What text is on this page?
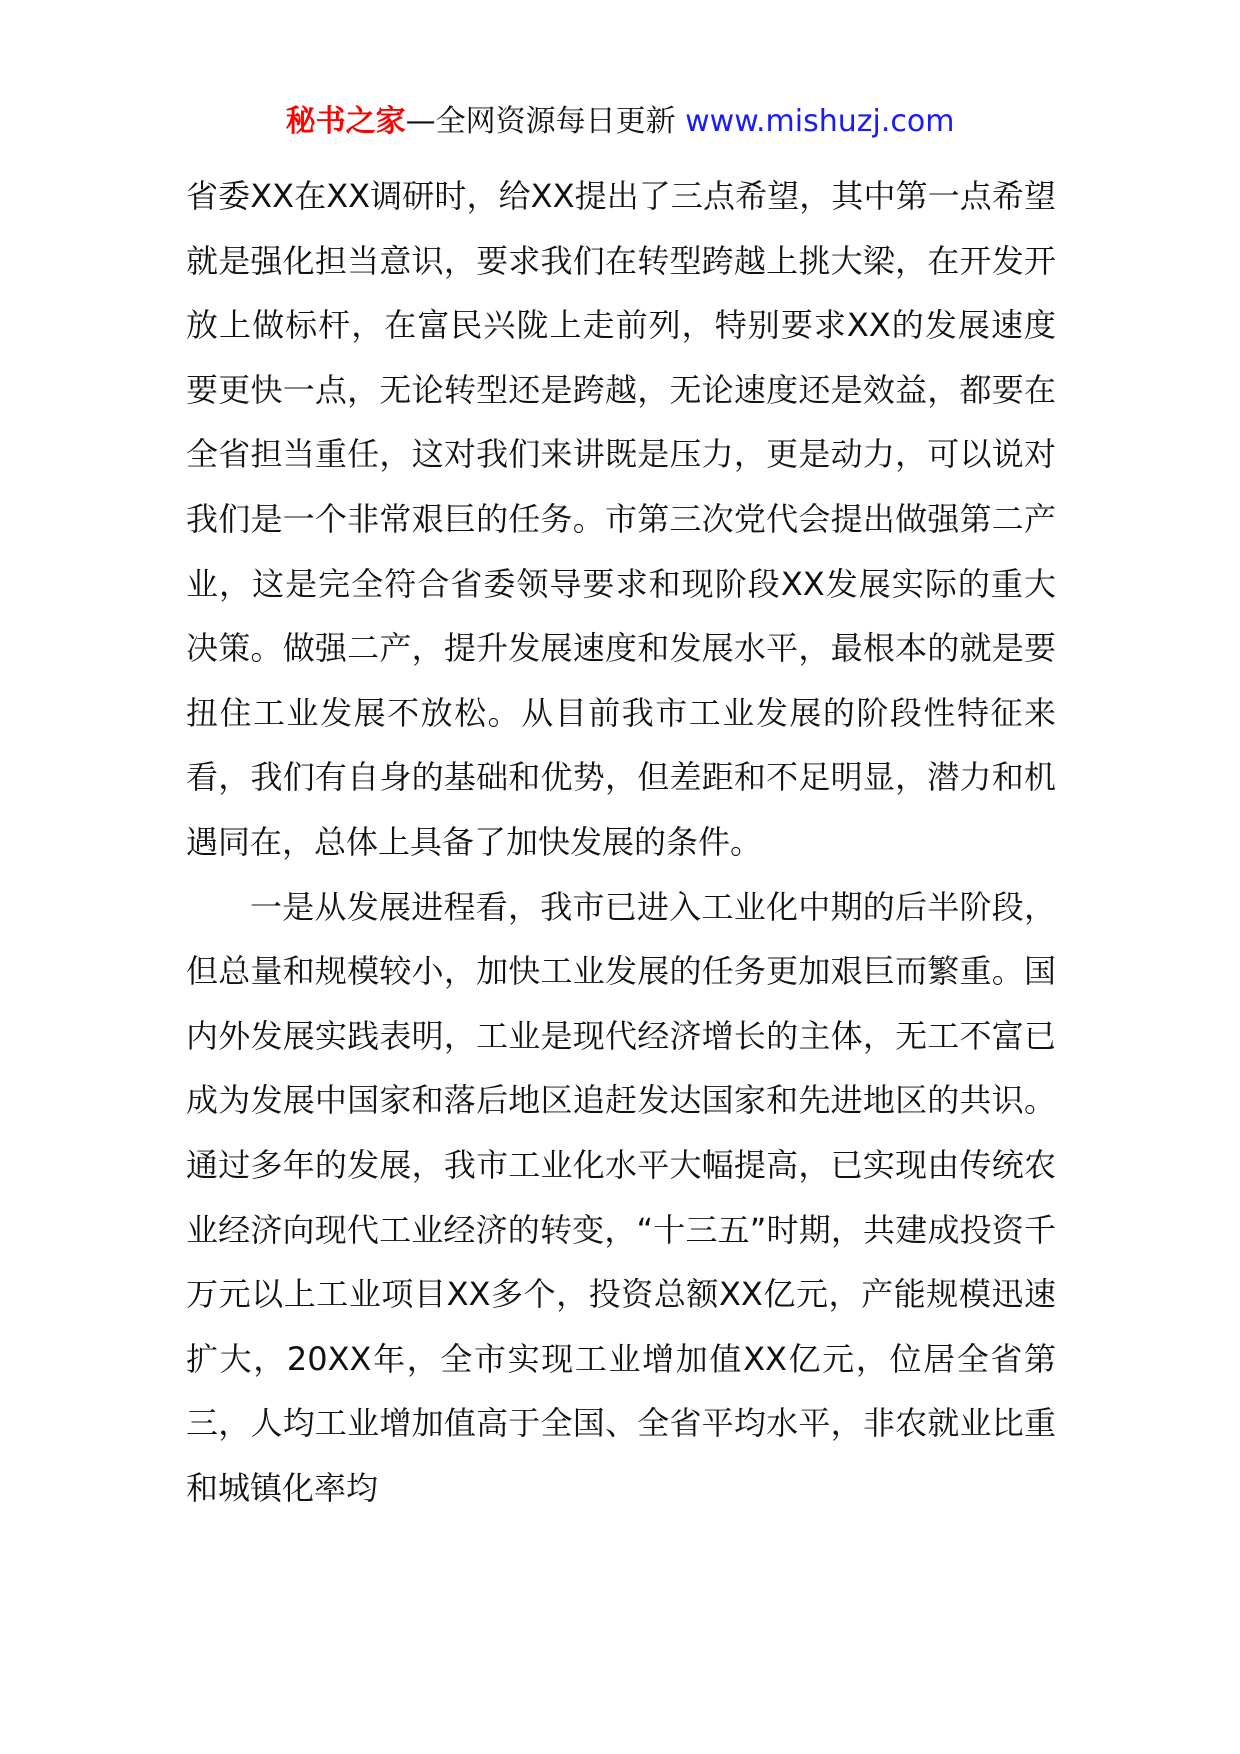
秘书之家—全网资源每日更新 www.mishuzj.com

省委XX在XX调研时，给XX提出了三点希望，其中第一点希望就是强化担当意识，要求我们在转型跨越上挑大梁，在开发开放上做标杆，在富民兴陇上走前列，特别要求XX的发展速度要更快一点，无论转型还是跨越，无论速度还是效益，都要在全省担当重任，这对我们来讲既是压力，更是动力，可以说对我们是一个非常艰巨的任务。市第三次党代会提出做强第二产业，这是完全符合省委领导要求和现阶段XX发展实际的重大决策。做强二产，提升发展速度和发展水平，最根本的就是要扭住工业发展不放松。从目前我市工业发展的阶段性特征来看，我们有自身的基础和优势，但差距和不足明显，潜力和机遇同在，总体上具备了加快发展的条件。

一是从发展进程看，我市已进入工业化中期的后半阶段，但总量和规模较小，加快工业发展的任务更加艰巨而繁重。国内外发展实践表明，工业是现代经济增长的主体，无工不富已成为发展中国家和落后地区追赶发达国家和先进地区的共识。通过多年的发展，我市工业化水平大幅提高，已实现由传统农业经济向现代工业经济的转变，“十三五”时期，共建成投资千万元以上工业项目XX多个，投资总额XX亿元，产能规模迅速扩大，20XX年，全市实现工业增加值XX亿元，位居全省第三，人均工业增加值高于全国、全省平均水平，非农就业比重和城镇化率均
